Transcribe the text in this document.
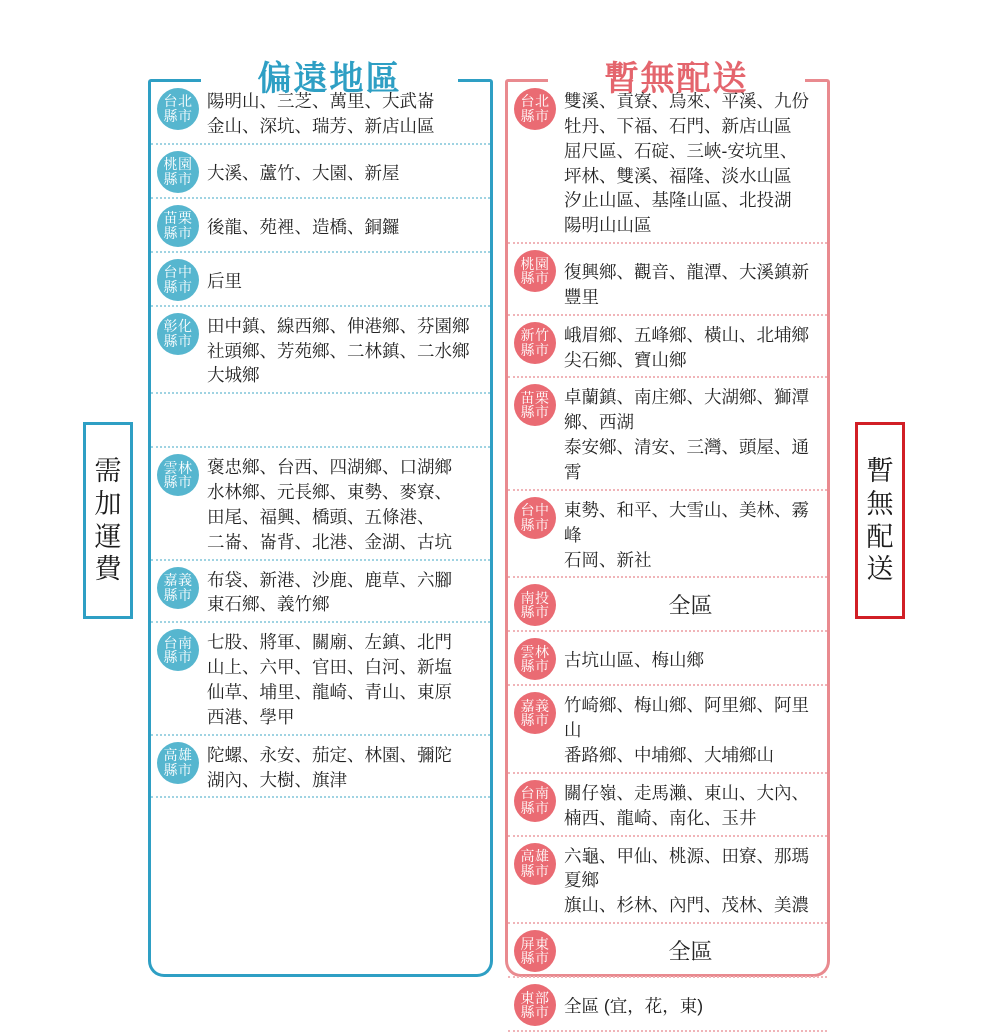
需
加
運
費
暫
無
配
送
偏遠地區
台北
縣市
陽明山、三芝、萬里、大武崙
金山、深坑、瑞芳、新店山區
桃園
縣市 大溪、蘆竹、大園、新屋
苗栗
縣市 後龍、苑裡、造橋、銅鑼
台中
縣市 后里
彰化
縣市
田中鎮、線西鄉、伸港鄉、芬園鄉
社頭鄉、芳苑鄉、二林鎮、二水鄉
大城鄉
雲林
縣市
褒忠鄉、台西、四湖鄉、口湖鄉
水林鄉、元長鄉、東勢、麥寮、
田尾、福興、橋頭、五條港、
二崙、崙背、北港、金湖、古坑
嘉義
縣市
布袋、新港、沙鹿、鹿草、六腳
東石鄉、義竹鄉
台南
縣市
七股、將軍、關廟、左鎮、北門
山上、六甲、官田、白河、新塩
仙草、埔里、龍崎、青山、東原
西港、學甲
高雄
縣市
陀螺、永安、茄定、林園、彌陀
湖內、大樹、旗津
暫無配送
台北
縣市
雙溪、貢寮、烏來、平溪、九份
牡丹、下福、石門、新店山區
屈尺區、石碇、三峽-安坑里、
坪林、雙溪、福隆、淡水山區
汐止山區、基隆山區、北投湖
陽明山山區
桃園
縣市 復興鄉、觀音、龍潭、大溪鎮新豐里
新竹
縣市
峨眉鄉、五峰鄉、橫山、北埔鄉
尖石鄉、寶山鄉
苗栗
縣市
卓蘭鎮、南庄鄉、大湖鄉、獅潭鄉、西湖
泰安鄉、清安、三灣、頭屋、通霄
台中
縣市
東勢、和平、大雪山、美林、霧峰
石岡、新社
南投
縣市	全區
雲林
縣市 古坑山區、梅山鄉
嘉義
縣市
竹崎鄉、梅山鄉、阿里鄉、阿里山
番路鄉、中埔鄉、大埔鄉山
台南
縣市
關仔嶺、走馬瀨、東山、大內、
楠西、龍崎、南化、玉井
高雄
縣市
六龜、甲仙、桃源、田寮、那瑪夏鄉
旗山、杉林、內門、茂林、美濃
屏東
縣市	全區
東部
縣市 全區 (宜，花，東)
